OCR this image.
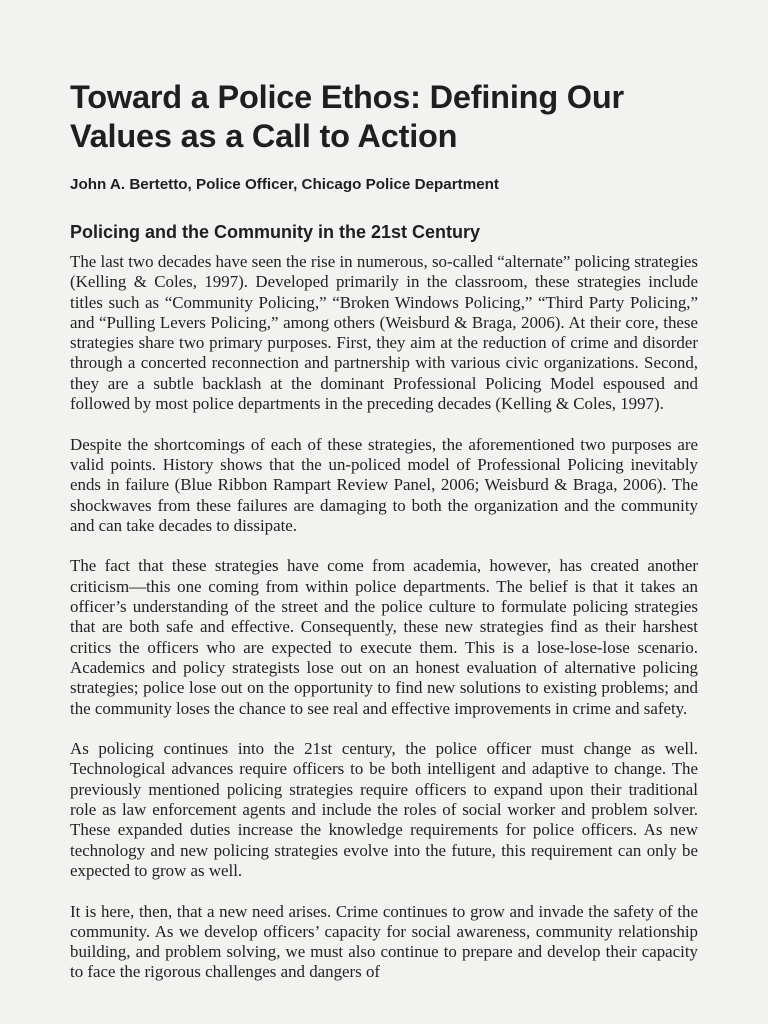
Toward a Police Ethos: Defining Our
Values as a Call to Action

John A. Bertetto, Police Officer, Chicago Police Department

Policing and the Community in the 21st Century

The last two decades have seen the rise in numerous, so-called “alternate” policing strategies (Kelling & Coles, 1997). Developed primarily in the classroom, these strategies include titles such as “Community Policing,” “Broken Windows Policing,” “Third Party Policing,” and “Pulling Levers Policing,” among others (Weisburd & Braga, 2006). At their core, these strategies share two primary purposes. First, they aim at the reduction of crime and disorder through a concerted reconnection and partnership with various civic organizations. Second, they are a subtle backlash at the dominant Professional Policing Model espoused and followed by most police departments in the preceding decades (Kelling & Coles, 1997).

Despite the shortcomings of each of these strategies, the aforementioned two purposes are valid points. History shows that the un-policed model of Professional Policing inevitably ends in failure (Blue Ribbon Rampart Review Panel, 2006; Weisburd & Braga, 2006). The shockwaves from these failures are damaging to both the organization and the community and can take decades to dissipate.

The fact that these strategies have come from academia, however, has created another criticism—this one coming from within police departments. The belief is that it takes an officer’s understanding of the street and the police culture to formulate policing strategies that are both safe and effective. Consequently, these new strategies find as their harshest critics the officers who are expected to execute them. This is a lose-lose-lose scenario. Academics and policy strategists lose out on an honest evaluation of alternative policing strategies; police lose out on the opportunity to find new solutions to existing problems; and the community loses the chance to see real and effective improvements in crime and safety.

As policing continues into the 21st century, the police officer must change as well. Technological advances require officers to be both intelligent and adaptive to change. The previously mentioned policing strategies require officers to expand upon their traditional role as law enforcement agents and include the roles of social worker and problem solver. These expanded duties increase the knowledge requirements for police officers. As new technology and new policing strategies evolve into the future, this requirement can only be expected to grow as well.

It is here, then, that a new need arises. Crime continues to grow and invade the safety of the community. As we develop officers’ capacity for social awareness, community relationship building, and problem solving, we must also continue to prepare and develop their capacity to face the rigorous challenges and dangers of
